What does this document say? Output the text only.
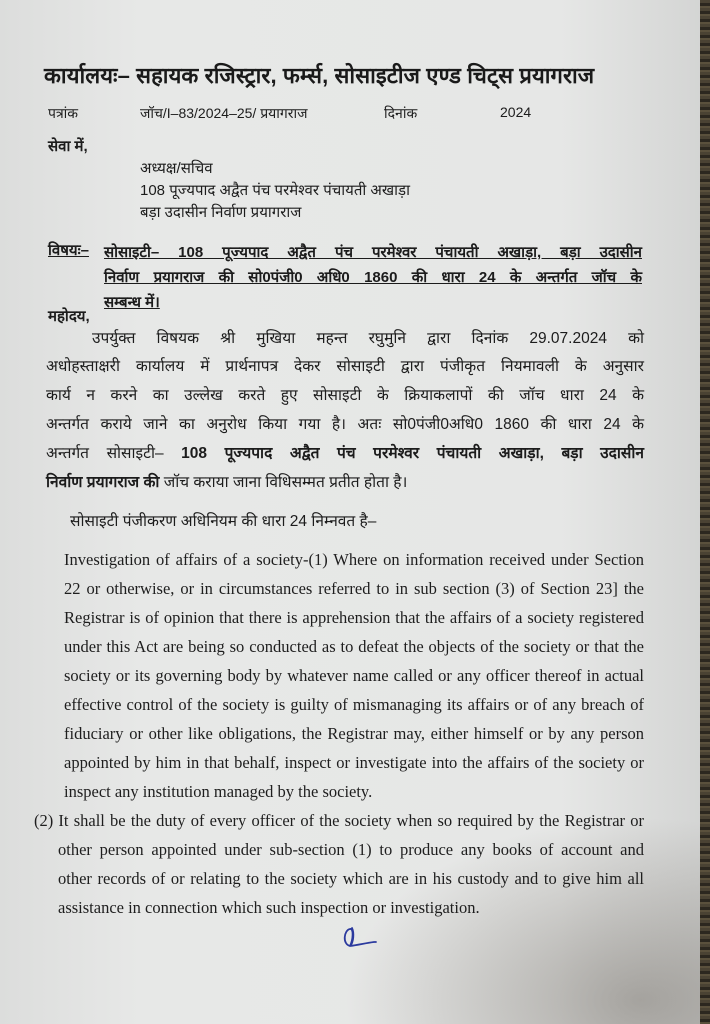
कार्यालयः– सहायक रजिस्ट्रार, फर्म्स, सोसाइटीज एण्ड चिट्स प्रयागराज
पत्रांक	जॉच/I–83/2024–25/ प्रयागराज	दिनांक	2024
सेवा में,
अध्यक्ष/सचिव
108 पूज्यपाद अद्वैत पंच परमेश्वर पंचायती अखाड़ा
बड़ा उदासीन निर्वाण प्रयागराज
विषयः– सोसाइटी– 108 पूज्यपाद अद्वैत पंच परमेश्वर पंचायती अखाड़ा, बड़ा उदासीन
निर्वाण प्रयागराज की सो0पंजी0 अधि0 1860 की धारा 24 के अन्तर्गत जॉच के
सम्बन्ध में।
महोदय,
उपर्युक्त विषयक श्री मुखिया महन्त रघुमुनि द्वारा दिनांक 29.07.2024 को
अधोहस्ताक्षरी कार्यालय में प्रार्थनापत्र देकर सोसाइटी द्वारा पंजीकृत नियमावली के अनुसार
कार्य न करने का उल्लेख करते हुए सोसाइटी के क्रियाकलापों की जॉच धारा 24 के
अन्तर्गत कराये जाने का अनुरोध किया गया है। अतः सो0पंजी0अधि0 1860 की धारा 24 के
अन्तर्गत सोसाइटी– 108 पूज्यपाद अद्वैत पंच परमेश्वर पंचायती अखाड़ा, बड़ा उदासीन
निर्वाण प्रयागराज की जॉच कराया जाना विधिसम्मत प्रतीत होता है।
सोसाइटी पंजीकरण अधिनियम की धारा 24 निम्नवत है–
Investigation of affairs of a society-(1) Where on information received under Section
22 or otherwise, or in circumstances referred to in sub section (3) of Section 23] the
Registrar is of opinion that there is apprehension that the affairs of a society registered
under this Act are being so conducted as to defeat the objects of the society or that the
society or its governing body by whatever name called or any officer thereof in actual
effective control of the society is guilty of mismanaging its affairs or of any breach of
fiduciary or other like obligations, the Registrar may, either himself or by any person
appointed by him in that behalf, inspect or investigate into the affairs of the society or
inspect any institution managed by the society.
(2) It shall be the duty of every officer of the society when so required by the Registrar or
other person appointed under sub-section (1) to produce any books of account and
other records of or relating to the society which are in his custody and to give him all
assistance in connection which such inspection or investigation.
